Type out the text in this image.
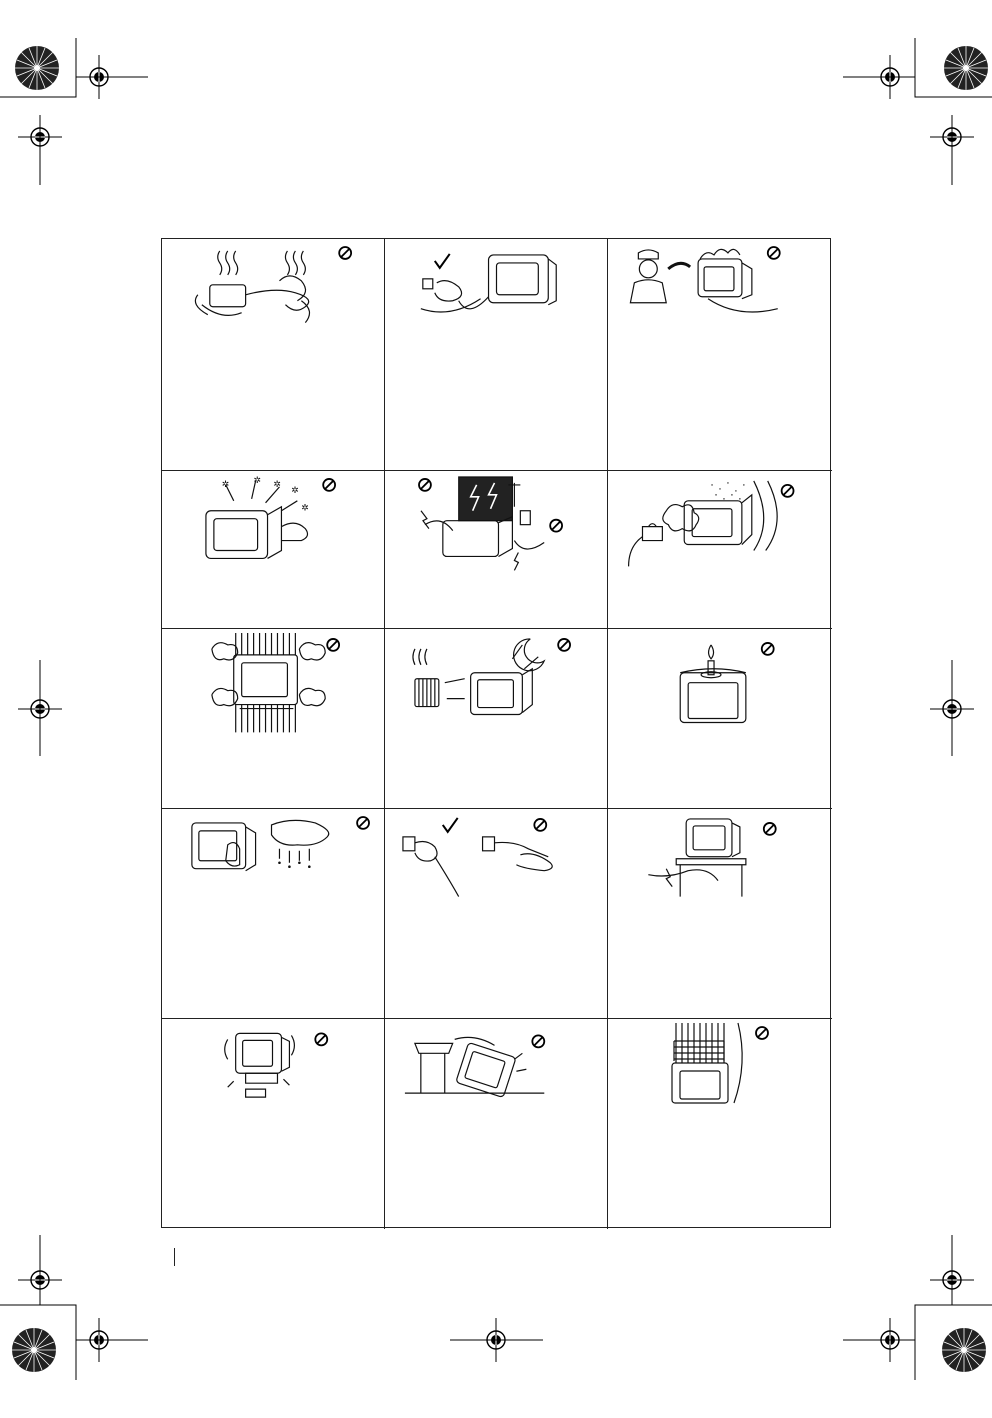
✲	✲ ✲
✲
✲
